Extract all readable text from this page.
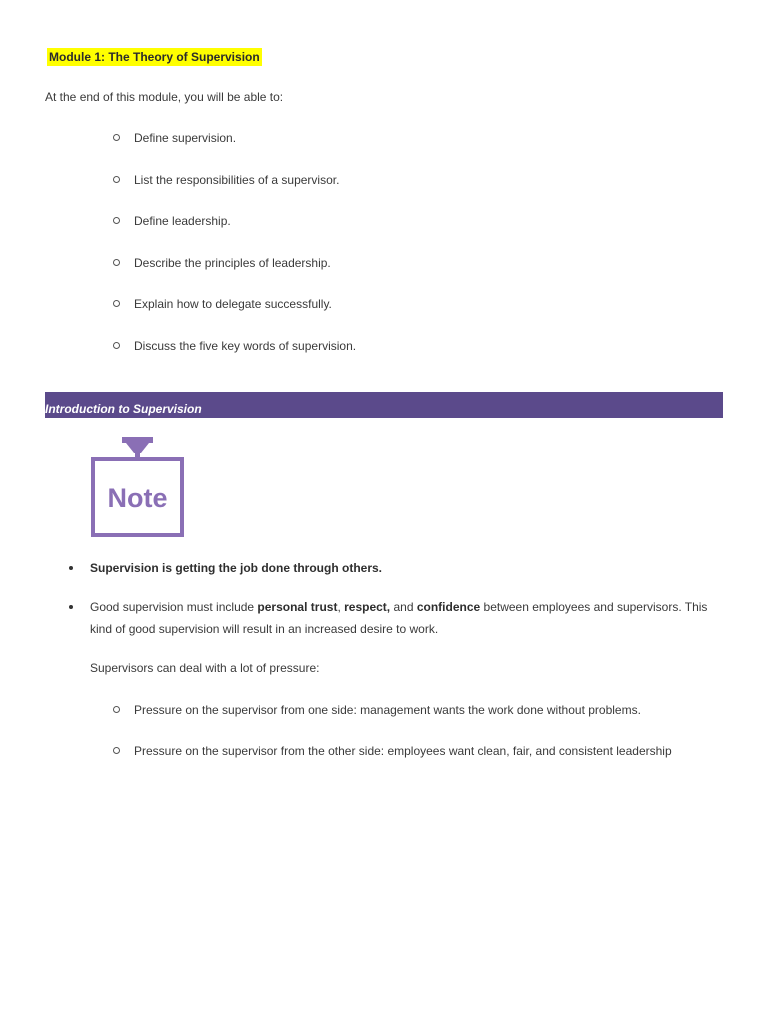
Module 1: The Theory of Supervision
At the end of this module, you will be able to:
Define supervision.
List the responsibilities of a supervisor.
Define leadership.
Describe the principles of leadership.
Explain how to delegate successfully.
Discuss the five key words of supervision.
Introduction to Supervision
Note
Supervision is getting the job done through others.
Good supervision must include personal trust, respect, and confidence between employees and supervisors. This kind of good supervision will result in an increased desire to work.
Supervisors can deal with a lot of pressure:
Pressure on the supervisor from one side: management wants the work done without problems.
Pressure on the supervisor from the other side: employees want clean, fair, and consistent leadership
